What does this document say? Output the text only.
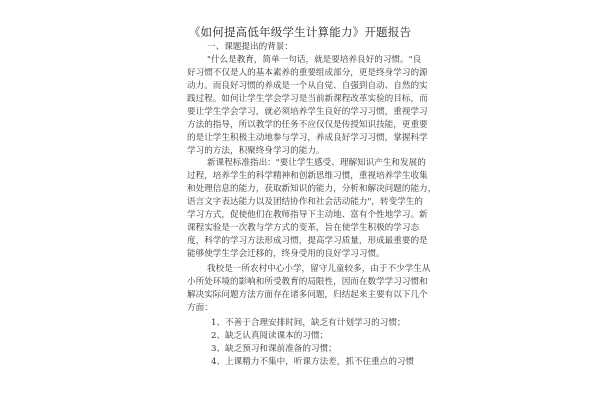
《如何提高低年级学生计算能力》开题报告
一、课题提出的背景：
"什么是教育，简单一句话，就是要培养良好的习惯。"良
好习惯不仅是人的基本素养的重要组成部分，更是终身学习的源
动力。而良好习惯的养成是一个从自觉、自强到自动、自然的实
践过程。如何让学生学会学习是当前新课程改革实验的目标，而
要让学生学会学习，就必须培养学生良好的学习习惯，重视学习
方法的指导，所以教学的任务不应仅仅是传授知识技能，更重要
的是让学生积极主动地参与学习，养成良好学习习惯，掌握科学
学习的方法，积聚终身学习的能力。
新课程标准指出："要让学生感受、理解知识产生和发展的
过程，培养学生的科学精神和创新思维习惯，重视培养学生收集
和处理信息的能力，获取新知识的能力，分析和解决问题的能力，
语言文字表达能力以及团结协作和社会活动能力"，转变学生的
学习方式，促使他们在教师指导下主动地、富有个性地学习。新
课程实验是一次教与学方式的变革，旨在使学生积极的学习态
度，科学的学习方法形成习惯，提高学习质量，形成最重要的是
能够使学生学会迁移的，终身受用的良好学习习惯。
我校是一所农村中心小学，留守儿童较多，由于不少学生从
小所处环境的影响和所受教育的局限性，因而在数学学习习惯和
解决实际问题方法方面存在诸多问题，归结起来主要有以下几个
方面：
1、不善于合理安排时间，缺乏有计划学习的习惯；
2、缺乏认真阅读课本的习惯；
3、缺乏预习和课前准备的习惯；
4、上课精力不集中，听课方法差，抓不住重点的习惯
